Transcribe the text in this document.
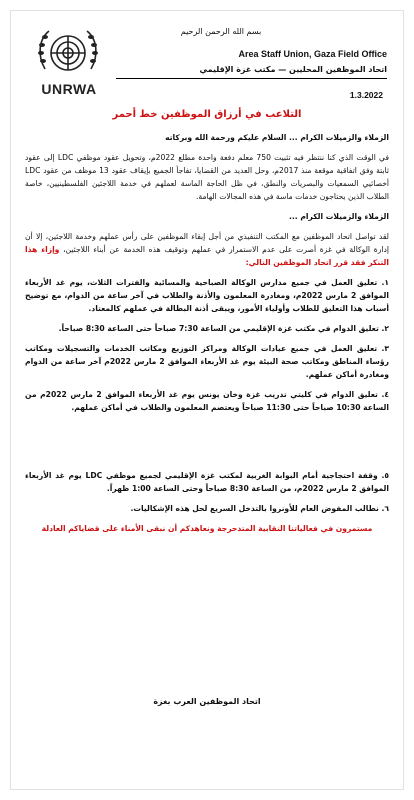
UNRWA
بسم الله الرحمن الرحيم
Area Staff Union, Gaza Field Office
اتحاد الموظفين المحليين — مكتب غزة الإقليمي
1.3.2022
التلاعب في أرزاق الموظفين خط أحمر

الزملاء والزميلات الكرام ... السلام عليكم ورحمة الله وبركاته

في الوقت الذي كنا ننتظر فيه تثبيت 750 معلم دفعة واحدة مطلع 2022م، وتحويل عقود موظفي LDC إلى عقود ثابتة وفق اتفاقية موقعة منذ 2017م، وحل العديد من القضايا، تفاجأ الجميع بإيقاف عقود 13 موظف من عقود LDC أخصائيي السمعيات والبصريات والنطق، في ظل الحاجة الماسة لعملهم في خدمة اللاجئين الفلسطينيين، خاصة الطلاب الذين يحتاجون خدمات ماسة في هذه المجالات الهامة.

الزملاء والزميلات الكرام ...

لقد تواصل اتحاد الموظفين مع المكتب التنفيذي من أجل إبقاء الموظفين على رأس عملهم وخدمة اللاجئين، إلا أن إدارة الوكالة في غزة أصرت على عدم الاستمرار في عملهم وتوقيف هذه الخدمة عن أبناء اللاجئين، وإزاء هذا التنكر فقد قرر اتحاد الموظفين التالي:

١. تعليق العمل في جميع مدارس الوكالة الصباحية والمسائية والفترات الثلاث، يوم غد الأربعاء الموافق 2 مارس 2022م، ومغادرة المعلمون والأذنة والطلاب في آخر ساعة من الدوام، مع توضيح أسباب هذا التعليق للطلاب وأولياء الأمور، ويبقى أذنة البطالة في عملهم كالمعتاد.

٢. تعليق الدوام في مكتب غزة الإقليمي من الساعة 7:30 صباحاً حتى الساعة 8:30 صباحاً.

٣. تعليق العمل في جميع عيادات الوكالة ومراكز التوزيع ومكاتب الخدمات والتسجيلات ومكاتب رؤساء المناطق ومكاتب صحة البيئة يوم غد الأربعاء الموافق 2 مارس 2022م آخر ساعة من الدوام ومغادرة أماكن عملهم.

٤. تعليق الدوام في كليتي تدريب غزة وخان يونس يوم غد الأربعاء الموافق 2 مارس 2022م من الساعة 10:30 صباحاً حتى 11:30 صباحاً ويعتصم المعلمون والطلاب في أماكن عملهم.

٥. وقفة احتجاجية أمام البوابة الغربية لمكتب غزة الإقليمي لجميع موظفي LDC يوم غد الأربعاء الموافق 2 مارس 2022م، من الساعة 8:30 صباحاً وحتى الساعة 1:00 ظهراً.

٦. نطالب المفوض العام للأونروا بالتدخل السريع لحل هذه الإشكاليات.

مستمرون في فعالياتنا النقابية المتدحرجة ونعاهدكم أن نبقى الأمناء على قضاياكم العادلة

اتحاد الموظفين العرب بغزة
